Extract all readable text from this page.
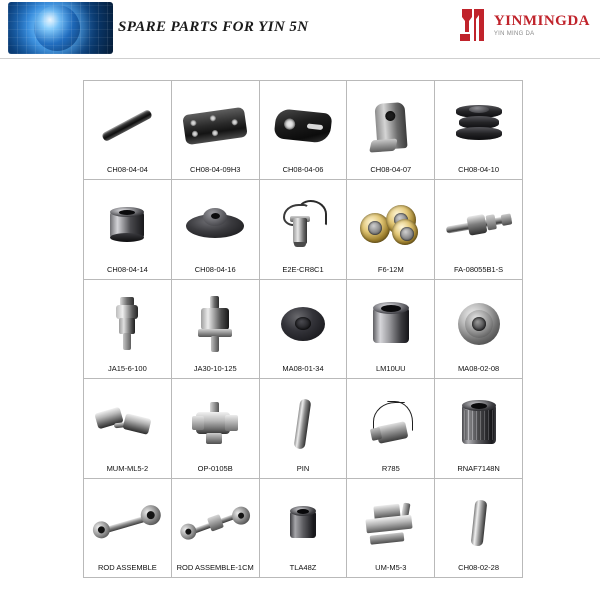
SPARE PARTS FOR YIN 5N	YINMINGDA
YIN MING DA
CH08-04-04	CH08-04-09H3	CH08-04-06	CH08-04-07	CH08-04-10

CH08-04-14	CH08-04-16	E2E-CR8C1	F6-12M	FA-08055B1-S

JA15-6-100	JA30-10-125	MA08-01-34	LM10UU	MA08-02-08

MUM-ML5-2	OP-0105B	PIN	R785	RNAF7148N

ROD ASSEMBLE	ROD ASSEMBLE-1CM	TLA48Z	UM-M5-3	CH08-02-28
